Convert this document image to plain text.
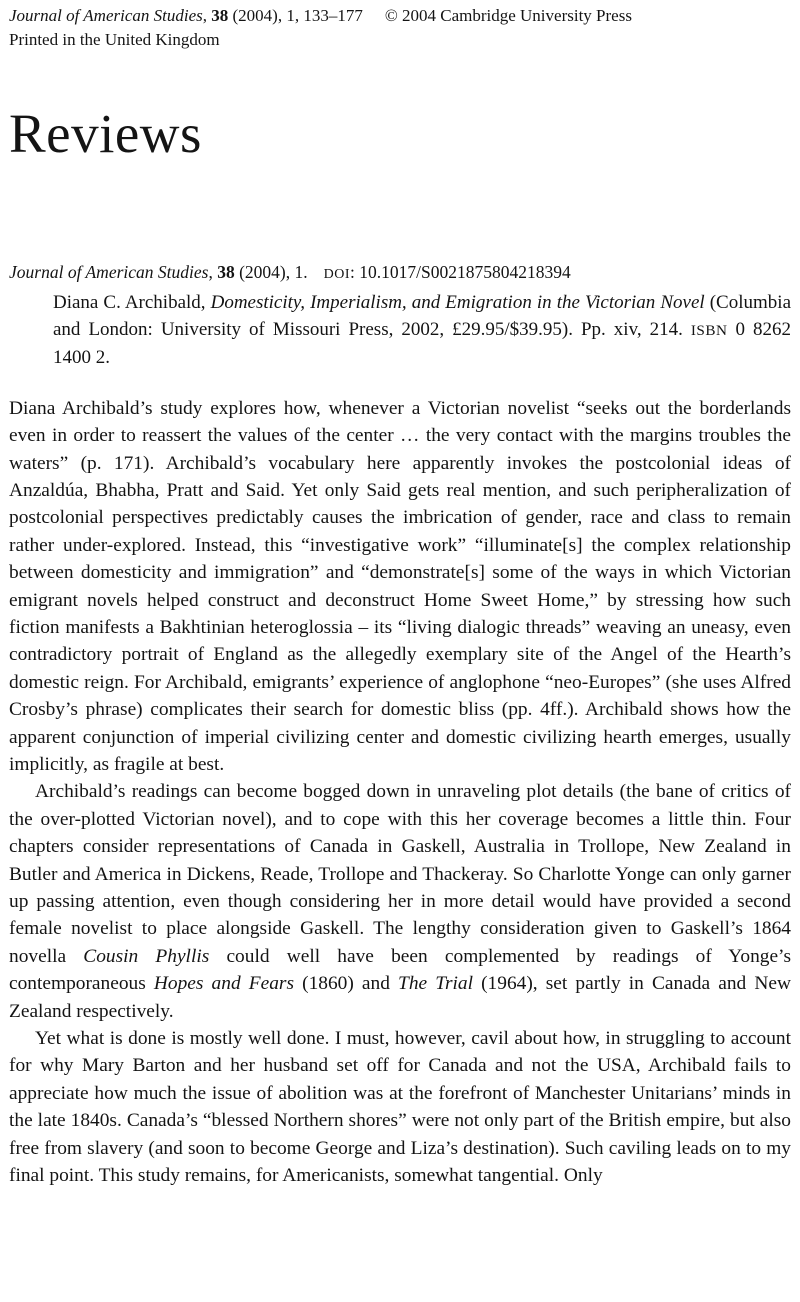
Journal of American Studies, 38 (2004), 1, 133–177 © 2004 Cambridge University Press
Printed in the United Kingdom
Reviews
Journal of American Studies, 38 (2004), 1. DOI: 10.1017/S0021875804218394
Diana C. Archibald, Domesticity, Imperialism, and Emigration in the Victorian Novel (Columbia and London: University of Missouri Press, 2002, £29.95/$39.95). Pp. xiv, 214. ISBN 0 8262 1400 2.

Diana Archibald’s study explores how, whenever a Victorian novelist “seeks out the borderlands even in order to reassert the values of the center … the very contact with the margins troubles the waters” (p. 171). Archibald’s vocabulary here apparently invokes the postcolonial ideas of Anzaldúa, Bhabha, Pratt and Said. Yet only Said gets real mention, and such peripheralization of postcolonial perspectives predictably causes the imbrication of gender, race and class to remain rather under-explored. Instead, this “investigative work” “illuminate[s] the complex relationship between domesticity and immigration” and “demonstrate[s] some of the ways in which Victorian emigrant novels helped construct and deconstruct Home Sweet Home,” by stressing how such fiction manifests a Bakhtinian heteroglossia – its “living dialogic threads” weaving an uneasy, even contradictory portrait of England as the allegedly exemplary site of the Angel of the Hearth’s domestic reign. For Archibald, emigrants’ experience of anglophone “neo-Europes” (she uses Alfred Crosby’s phrase) complicates their search for domestic bliss (pp. 4ff.). Archibald shows how the apparent conjunction of imperial civilizing center and domestic civilizing hearth emerges, usually implicitly, as fragile at best.

Archibald’s readings can become bogged down in unraveling plot details (the bane of critics of the over-plotted Victorian novel), and to cope with this her coverage becomes a little thin. Four chapters consider representations of Canada in Gaskell, Australia in Trollope, New Zealand in Butler and America in Dickens, Reade, Trollope and Thackeray. So Charlotte Yonge can only garner up passing attention, even though considering her in more detail would have provided a second female novelist to place alongside Gaskell. The lengthy consideration given to Gaskell’s 1864 novella Cousin Phyllis could well have been complemented by readings of Yonge’s contemporaneous Hopes and Fears (1860) and The Trial (1964), set partly in Canada and New Zealand respectively.

Yet what is done is mostly well done. I must, however, cavil about how, in struggling to account for why Mary Barton and her husband set off for Canada and not the USA, Archibald fails to appreciate how much the issue of abolition was at the forefront of Manchester Unitarians’ minds in the late 1840s. Canada’s “blessed Northern shores” were not only part of the British empire, but also free from slavery (and soon to become George and Liza’s destination). Such caviling leads on to my final point. This study remains, for Americanists, somewhat tangential. Only
